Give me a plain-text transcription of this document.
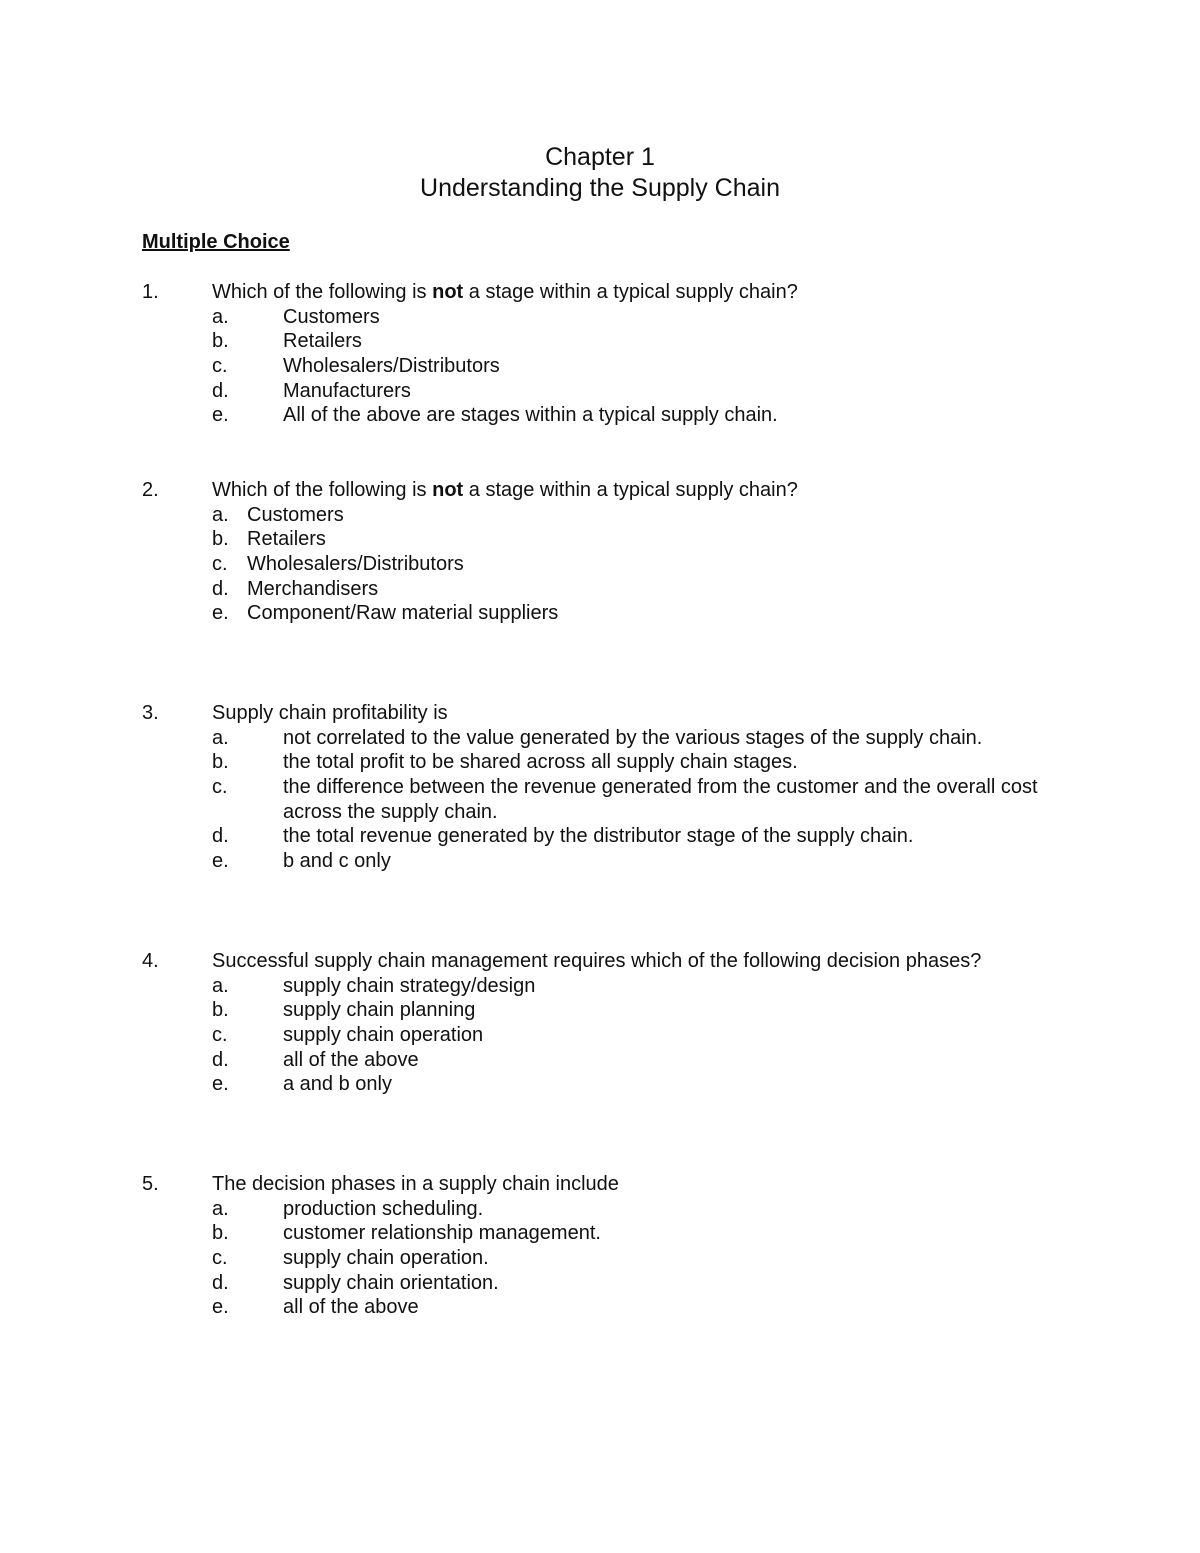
Chapter 1
Understanding the Supply Chain
Multiple Choice
1.	Which of the following is not a stage within a typical supply chain?
a.	Customers
b.	Retailers
c.	Wholesalers/Distributors
d.	Manufacturers
e.	All of the above are stages within a typical supply chain.
2.	Which of the following is not a stage within a typical supply chain?
a. Customers
b. Retailers
c. Wholesalers/Distributors
d. Merchandisers
e. Component/Raw material suppliers
3.	Supply chain profitability is
a.	not correlated to the value generated by the various stages of the supply chain.
b.	the total profit to be shared across all supply chain stages.
c.	the difference between the revenue generated from the customer and the overall cost across the supply chain.
d.	the total revenue generated by the distributor stage of the supply chain.
e.	b and c only
4.	Successful supply chain management requires which of the following decision phases?
a.	supply chain strategy/design
b.	supply chain planning
c.	supply chain operation
d.	all of the above
e.	a and b only
5.	The decision phases in a supply chain include
a.	production scheduling.
b.	customer relationship management.
c.	supply chain operation.
d.	supply chain orientation.
e.	all of the above
